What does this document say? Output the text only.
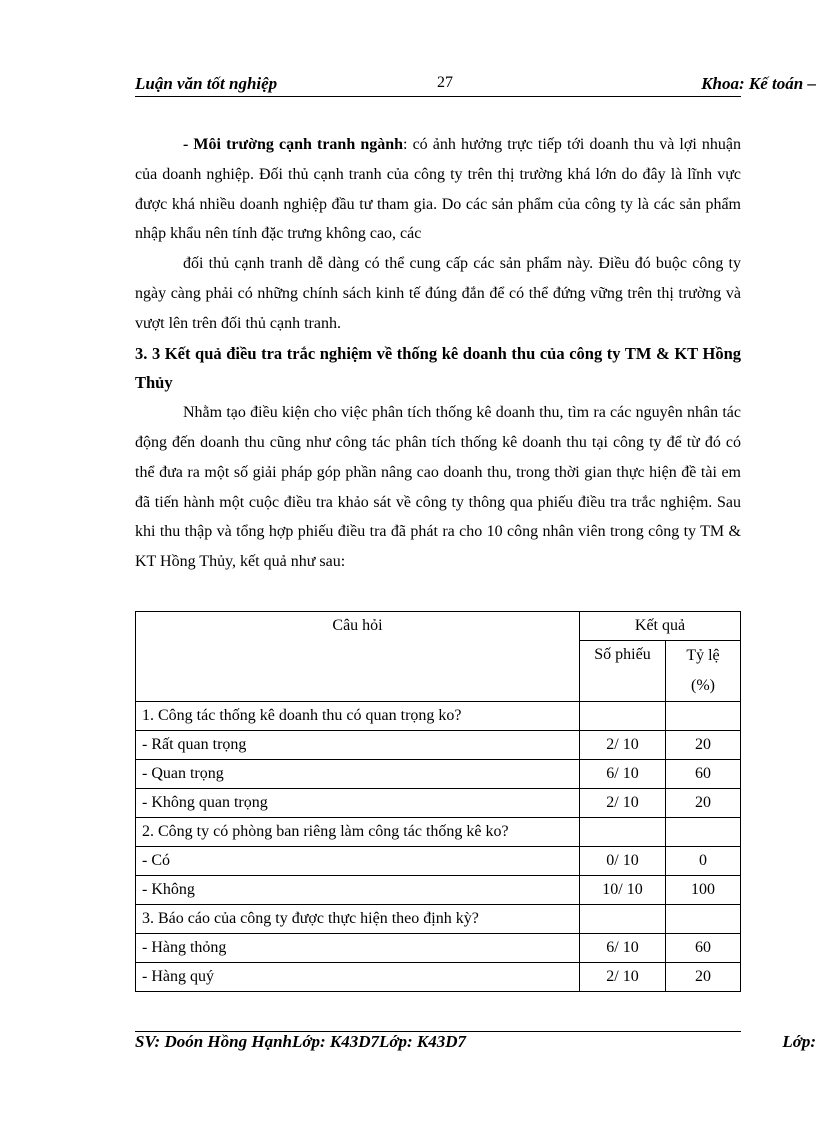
Luận văn tốt nghiệp	27	Khoa: Kế toán –

- Môi trường cạnh tranh ngành: có ảnh hưởng trực tiếp tới doanh thu và lợi nhuận của doanh nghiệp. Đối thủ cạnh tranh của công ty trên thị trường khá lớn do đây là lĩnh vực được khá nhiều doanh nghiệp đầu tư tham gia. Do các sản phẩm của công ty là các sản phẩm nhập khẩu nên tính đặc trưng không cao, các

đối thủ cạnh tranh dễ dàng có thể cung cấp các sản phẩm này. Điều đó buộc công ty ngày càng phải có những chính sách kinh tế đúng đắn để có thể đứng vững trên thị trường và vượt lên trên đối thủ cạnh tranh.

3. 3 Kết quả điều tra trắc nghiệm về thống kê doanh thu của công ty TM & KT Hồng Thủy

Nhằm tạo điều kiện cho việc phân tích thống kê doanh thu, tìm ra các nguyên nhân tác động đến doanh thu cũng như công tác phân tích thống kê doanh thu tại công ty để từ đó có thể đưa ra một số giải pháp góp phần nâng cao doanh thu, trong thời gian thực hiện đề tài em đã tiến hành một cuộc điều tra khảo sát về công ty thông qua phiếu điều tra trắc nghiệm. Sau khi thu thập và tổng hợp phiếu điều tra đã phát ra cho 10 công nhân viên trong công ty TM & KT Hồng Thủy, kết quả như sau:

Câu hỏi	Kết quả	
	Số phiếu	Tỷ lệ
(%)

1. Công tác thống kê doanh thu có quan trọng ko?		
- Rất quan trọng	2/ 10	20
- Quan trọng	6/ 10	60
- Không quan trọng	2/ 10	20
2. Công ty có phòng ban riêng làm công tác thống kê ko?		
- Có	0/ 10	0
- Không	10/ 10	100
3. Báo cáo của công ty được thực hiện theo định kỳ?		
- Hàng thỏng	6/ 10	60
- Hàng quý	2/ 10	20
SV: Doón Hồng HạnhLớp: K43D7Lớp: K43D7	Lớp:
